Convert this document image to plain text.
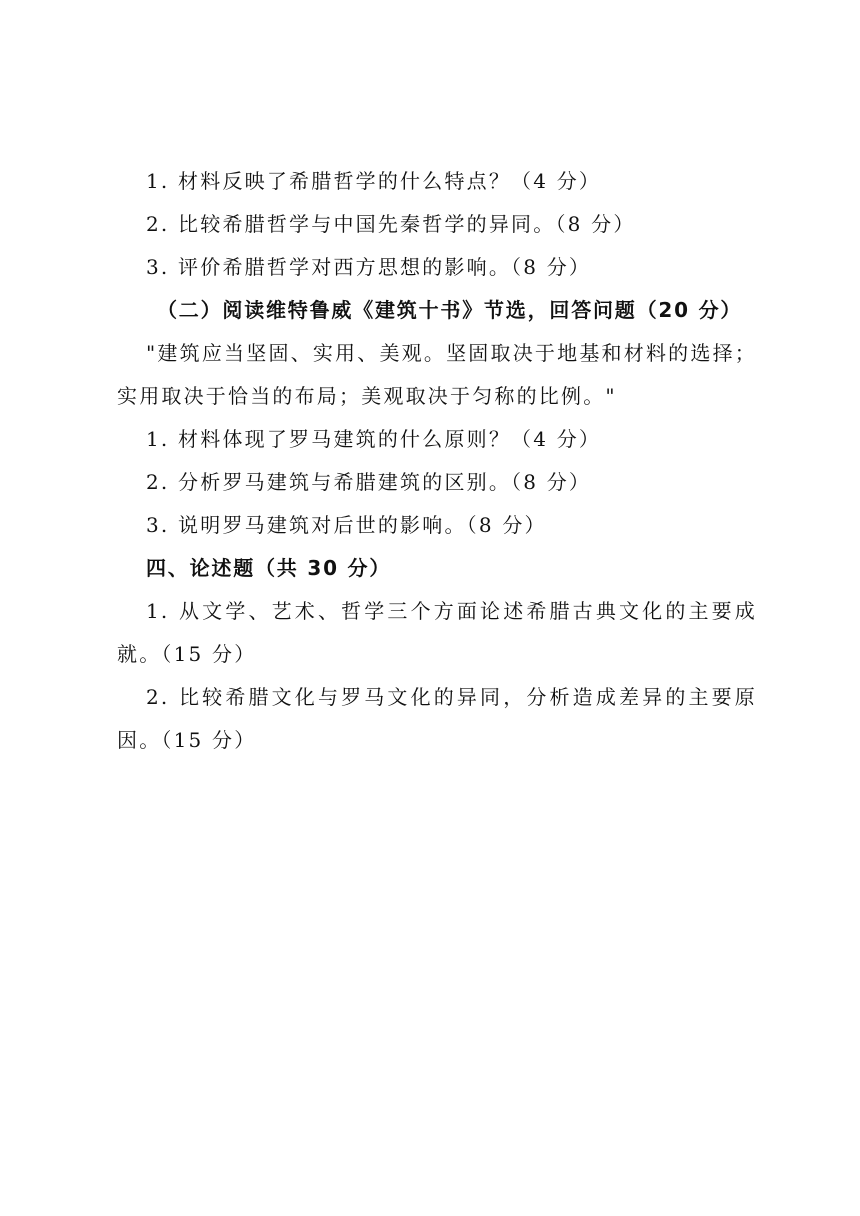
1. 材料反映了希腊哲学的什么特点？（4 分）
2. 比较希腊哲学与中国先秦哲学的异同。（8 分）
3. 评价希腊哲学对西方思想的影响。（8 分）
（二）阅读维特鲁威《建筑十书》节选，回答问题（20 分）
"建筑应当坚固、实用、美观。坚固取决于地基和材料的选择；实用取决于恰当的布局；美观取决于匀称的比例。"
1. 材料体现了罗马建筑的什么原则？（4 分）
2. 分析罗马建筑与希腊建筑的区别。（8 分）
3. 说明罗马建筑对后世的影响。（8 分）
四、论述题（共 30 分）
1. 从文学、艺术、哲学三个方面论述希腊古典文化的主要成就。（15 分）
2. 比较希腊文化与罗马文化的异同，分析造成差异的主要原因。（15 分）
